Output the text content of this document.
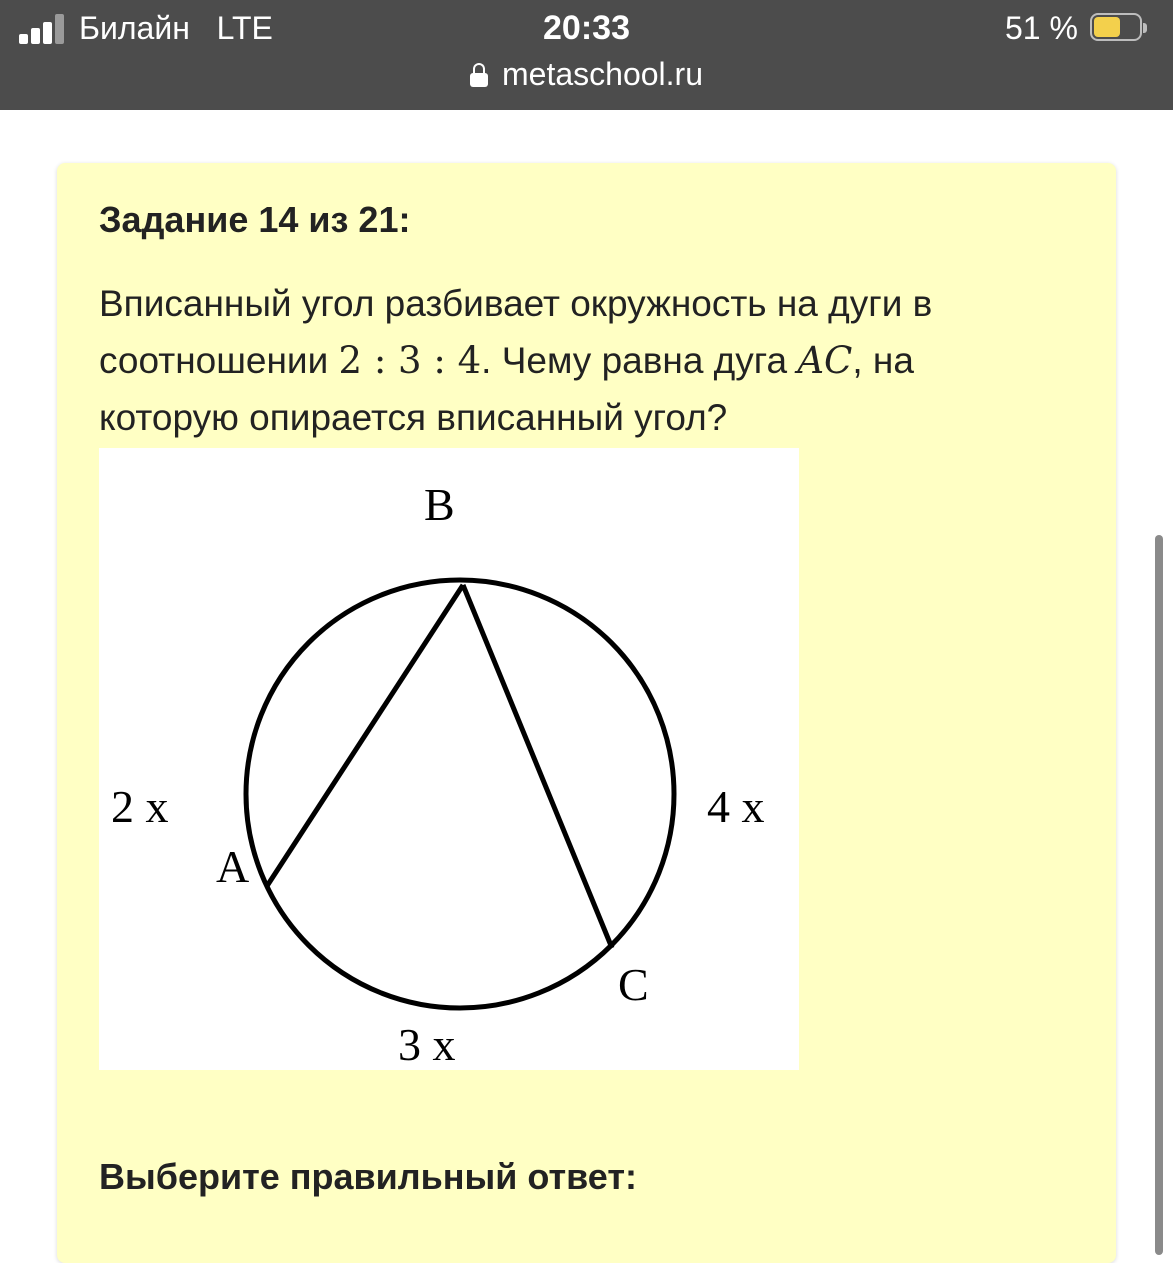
Билайн   LTE	20:33	51 %
metaschool.ru
Задание 14 из 21:
Вписанный угол разбивает окружность на дуги в соотношении 2 : 3 : 4. Чему равна дуга AC, на которую опирается вписанный угол?
B
A
C
2 x	4 x
3 x
Выберите правильный ответ:
